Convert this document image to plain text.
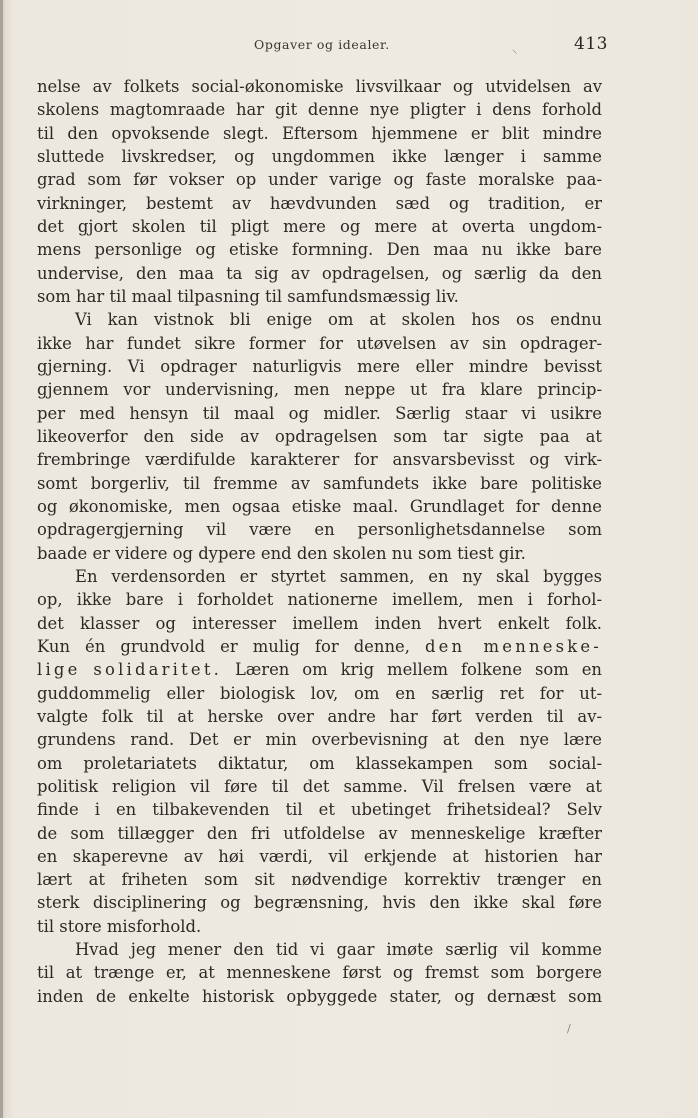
Opgaver og idealer.	413
⸜
/
nelse av folkets social-økonomiske livsvilkaar og utvidelsen av
skolens magtomraade har git denne nye pligter i dens forhold
til den opvoksende slegt. Eftersom hjemmene er blit mindre
sluttede livskredser, og ungdommen ikke længer i samme
grad som før vokser op under varige og faste moralske paa-
virkninger, bestemt av hævdvunden sæd og tradition, er
det gjort skolen til pligt mere og mere at overta ungdom-
mens personlige og etiske formning. Den maa nu ikke bare
undervise, den maa ta sig av opdragelsen, og særlig da den
som har til maal tilpasning til samfundsmæssig liv.
Vi kan vistnok bli enige om at skolen hos os endnu
ikke har fundet sikre former for utøvelsen av sin opdrager-
gjerning. Vi opdrager naturligvis mere eller mindre bevisst
gjennem vor undervisning, men neppe ut fra klare princip-
per med hensyn til maal og midler. Særlig staar vi usikre
likeoverfor den side av opdragelsen som tar sigte paa at
frembringe værdifulde karakterer for ansvarsbevisst og virk-
somt borgerliv, til fremme av samfundets ikke bare politiske
og økonomiske, men ogsaa etiske maal. Grundlaget for denne
opdragergjerning vil være en personlighetsdannelse som
baade er videre og dypere end den skolen nu som tiest gir.
En verdensorden er styrtet sammen, en ny skal bygges
op, ikke bare i forholdet nationerne imellem, men i forhol-
det klasser og interesser imellem inden hvert enkelt folk.
Kun én grundvold er mulig for denne, den menneske-
lige solidaritet. Læren om krig mellem folkene som en
guddommelig eller biologisk lov, om en særlig ret for ut-
valgte folk til at herske over andre har ført verden til av-
grundens rand. Det er min overbevisning at den nye lære
om proletariatets diktatur, om klassekampen som social-
politisk religion vil føre til det samme. Vil frelsen være at
finde i en tilbakevenden til et ubetinget frihetsideal? Selv
de som tillægger den fri utfoldelse av menneskelige kræfter
en skaperevne av høi værdi, vil erkjende at historien har
lært at friheten som sit nødvendige korrektiv trænger en
sterk disciplinering og begrænsning, hvis den ikke skal føre
til store misforhold.
Hvad jeg mener den tid vi gaar imøte særlig vil komme
til at trænge er, at menneskene først og fremst som borgere
inden de enkelte historisk opbyggede stater, og dernæst som
